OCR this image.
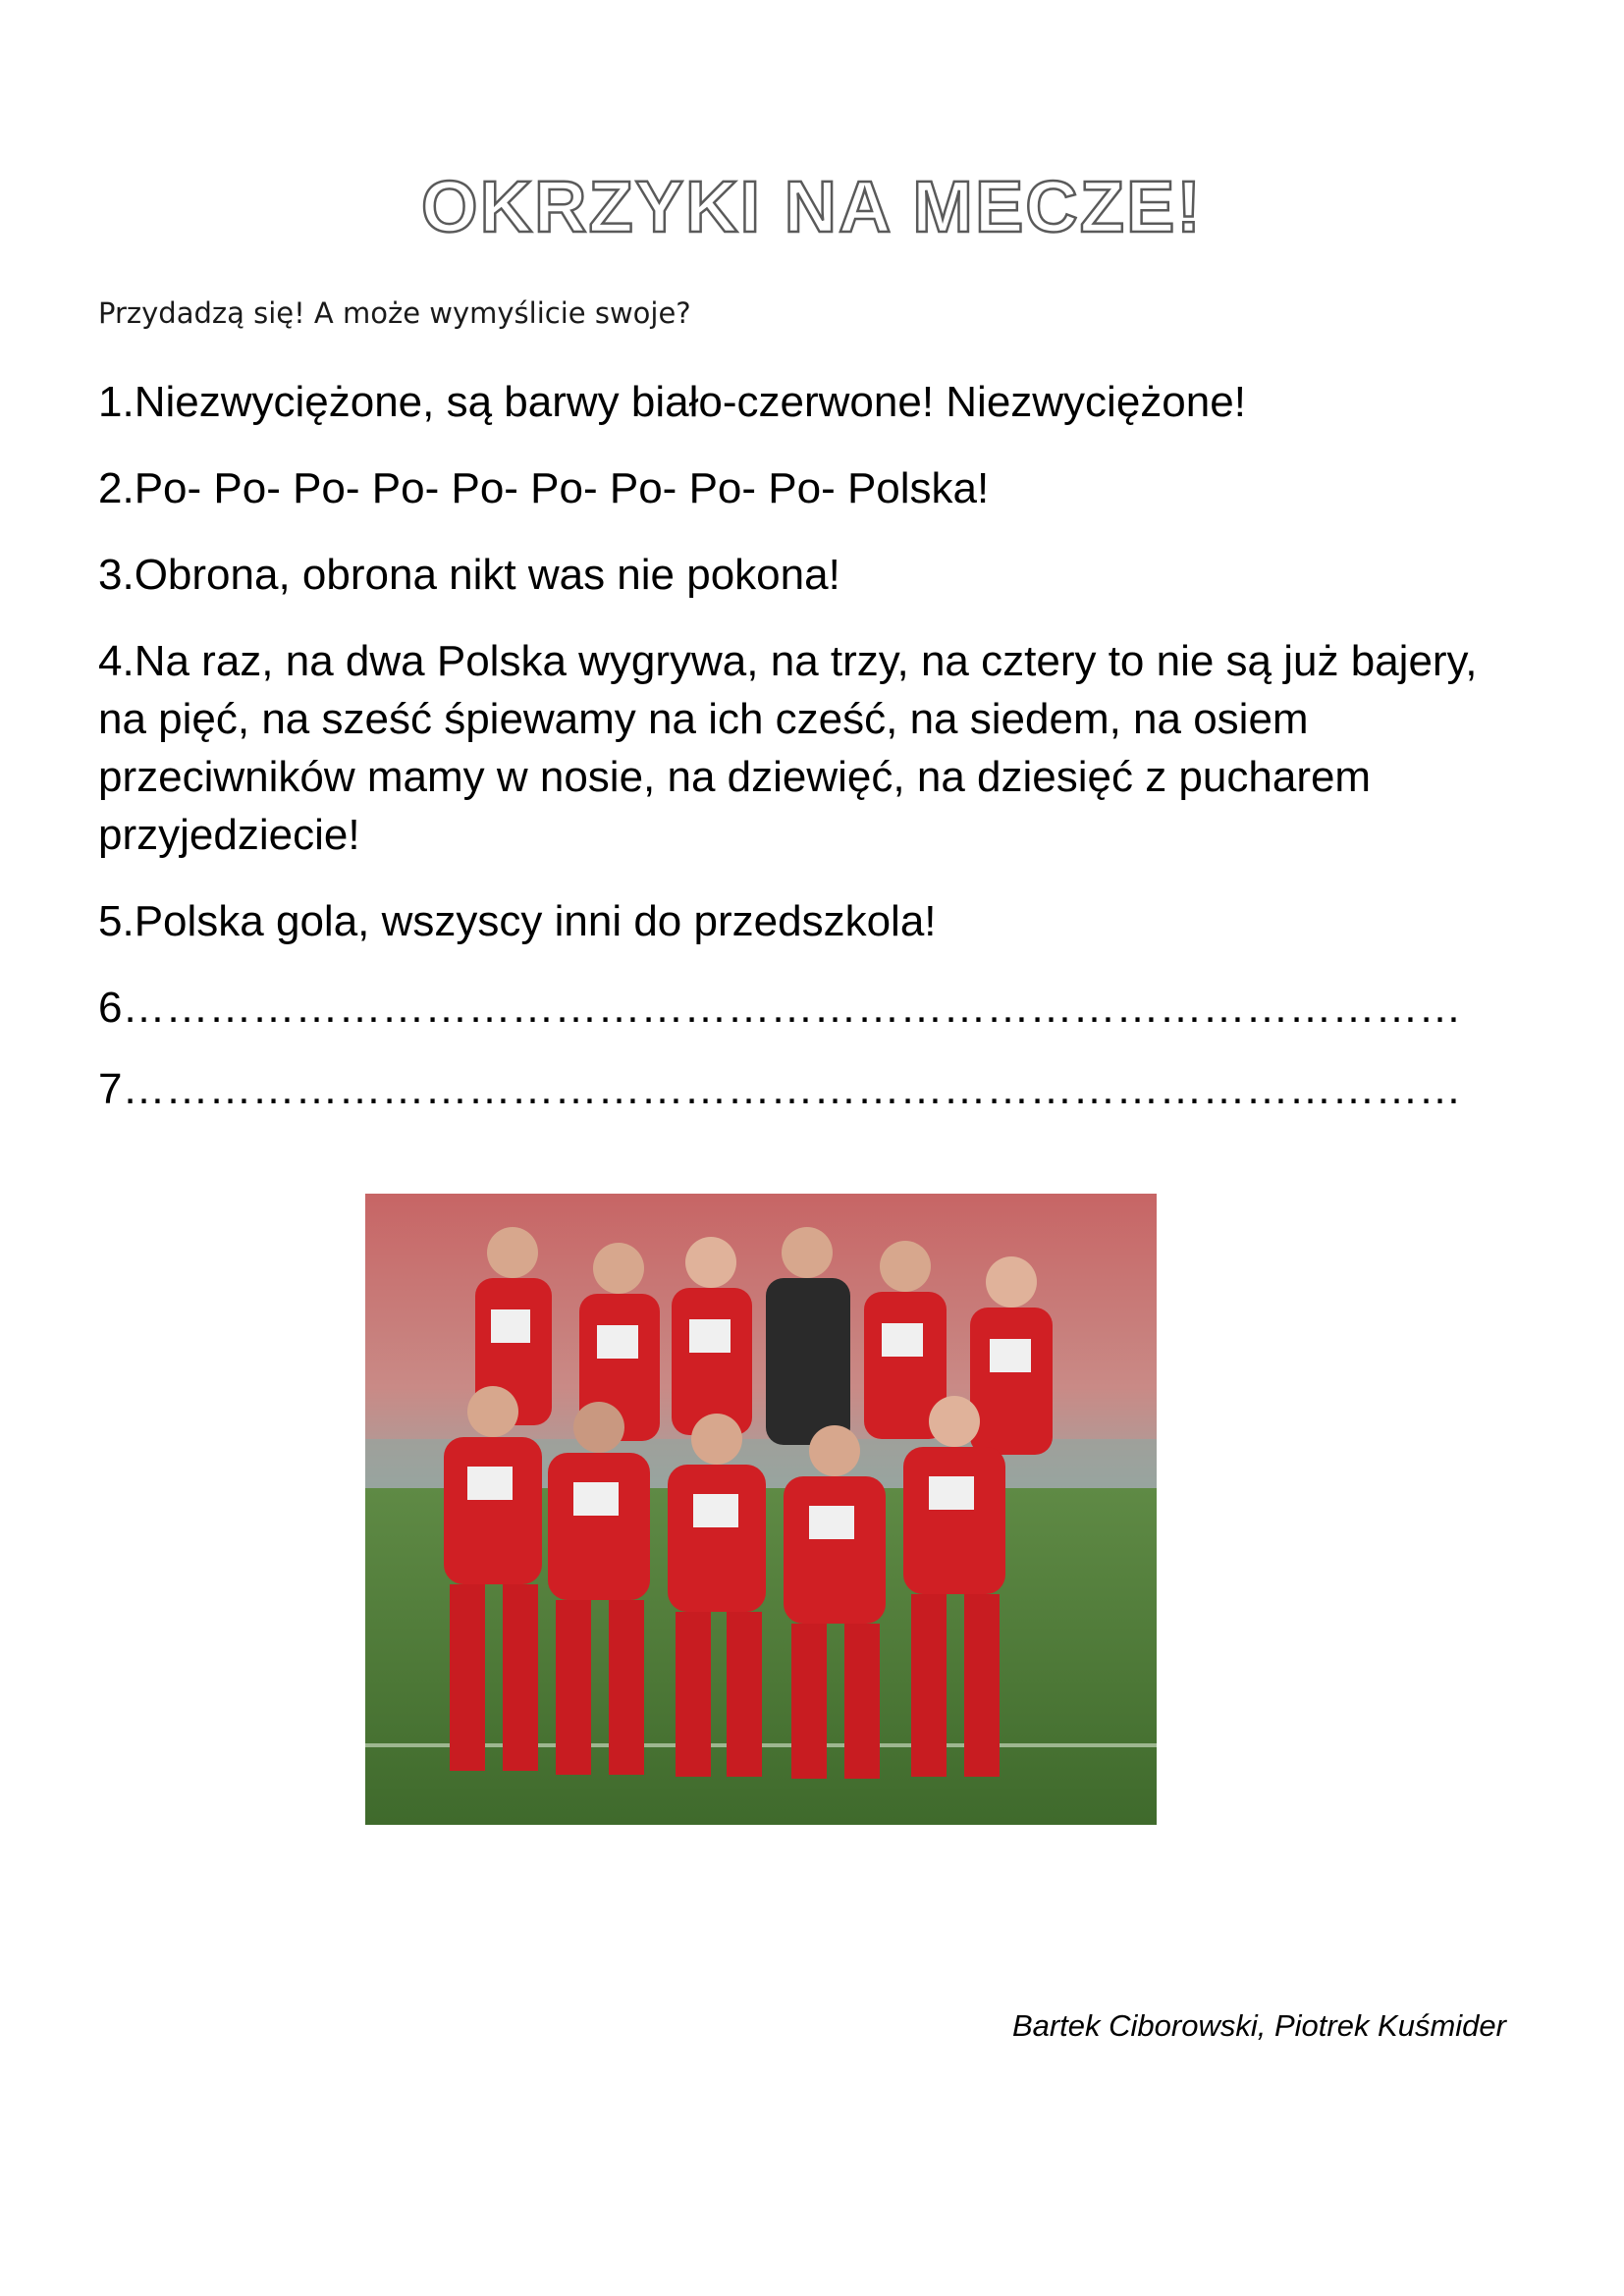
OKRZYKI NA MECZE!
Przydadzą się! A może wymyślicie swoje?

1.Niezwyciężone, są barwy biało-czerwone! Niezwyciężone!

2.Po- Po- Po- Po- Po- Po- Po- Po- Po- Polska!

3.Obrona, obrona nikt was nie pokona!

4.Na raz, na dwa Polska wygrywa, na trzy, na cztery to nie są już bajery, na pięć, na sześć śpiewamy na ich cześć, na siedem, na osiem przeciwników mamy w nosie, na dziewięć, na dziesięć z pucharem przyjedziecie!

5.Polska gola, wszyscy inni do przedszkola!

6…………………………………………………………………………………

7…………………………………………………………………………………

Bartek Ciborowski, Piotrek Kuśmider
